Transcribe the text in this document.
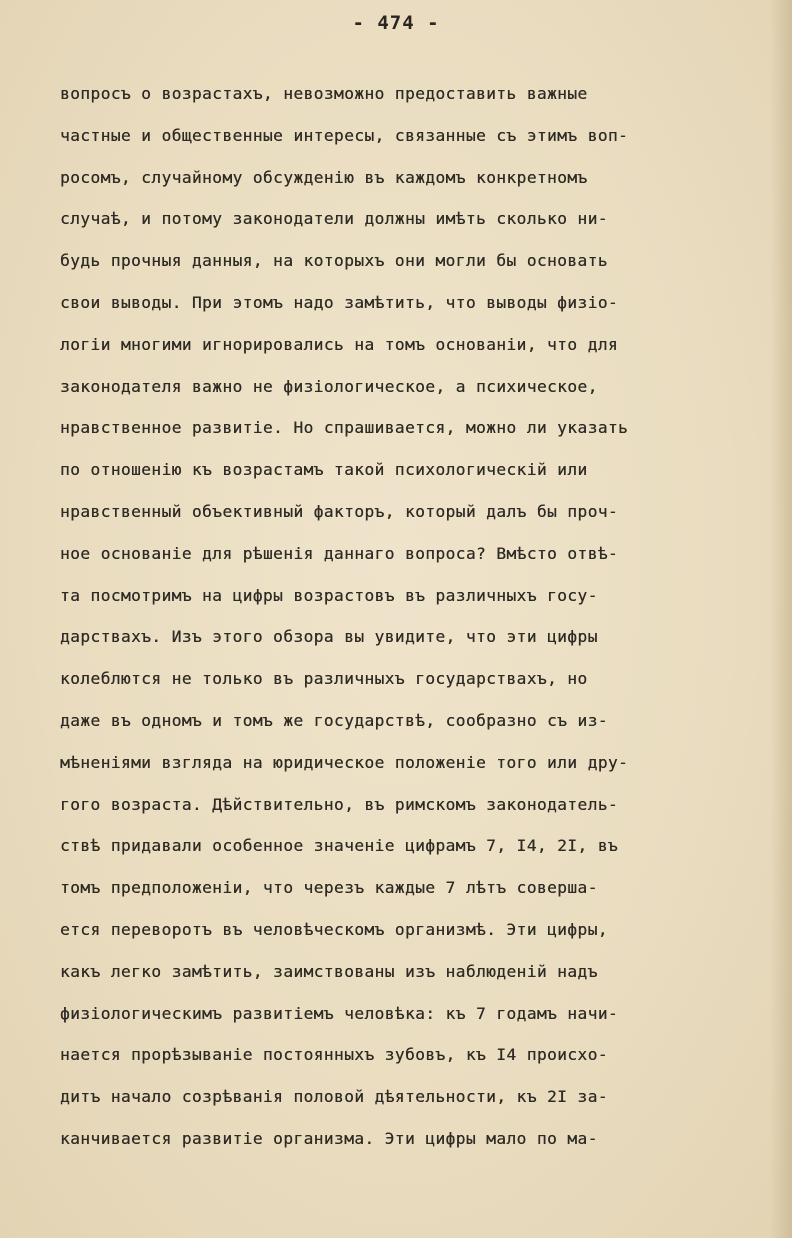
- 474 -
вопросъ о возрастахъ, невозможно предоставить важные
частные и общественные интересы, связанные съ этимъ воп-
росомъ, случайному обсужденiю въ каждомъ конкретномъ
случаѣ, и потому законодатели должны имѣть сколько ни-
будь прочныя данныя, на которыхъ они могли бы основать
свои выводы. При этомъ надо замѣтить, что выводы физiо-
логiи многими игнорировались на томъ основанiи, что для
законодателя важно не физiологическое, а психическое,
нравственное развитiе. Но спрашивается, можно ли указать
по отношенiю къ возрастамъ такой психологическiй или
нравственный объективный факторъ, который далъ бы проч-
ное основанiе для рѣшенiя даннаго вопроса? Вмѣсто отвѣ-
та посмотримъ на цифры возрастовъ въ различныхъ госу-
дарствахъ. Изъ этого обзора вы увидите, что эти цифры
колеблются не только въ различныхъ государствахъ, но
даже въ одномъ и томъ же государствѣ, сообразно съ из-
мѣненiями взгляда на юридическое положенiе того или дру-
гого возраста. Дѣйствительно, въ римскомъ законодатель-
ствѣ придавали особенное значенiе цифрамъ 7, I4, 2I, въ
томъ предположенiи, что черезъ каждые 7 лѣтъ соверша-
ется переворотъ въ человѣческомъ организмѣ. Эти цифры,
какъ легко замѣтить, заимствованы изъ наблюденiй надъ
физiологическимъ развитiемъ человѣка: къ 7 годамъ начи-
нается прорѣзыванiе постоянныхъ зубовъ, къ I4 происхо-
дитъ начало созрѣванiя половой дѣятельности, къ 2I за-
канчивается развитiе организма. Эти цифры мало по ма-
